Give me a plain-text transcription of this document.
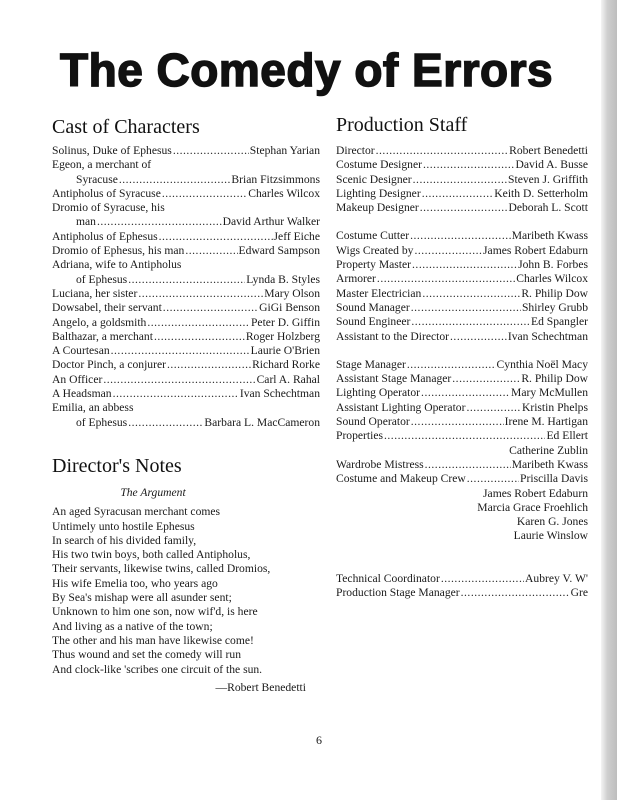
The Comedy of Errors
Cast of Characters
Solinus, Duke of Ephesus . . .	Stephan Yarian
Egeon, a merchant of
Syracuse . . .	Brian Fitzsimmons
Antipholus of Syracuse . . .	Charles Wilcox
Dromio of Syracuse, his
man . . .	David Arthur Walker
Antipholus of Ephesus . . .	Jeff Eiche
Dromio of Ephesus, his man . . .	Edward Sampson
Adriana, wife to Antipholus
of Ephesus . . .	Lynda B. Styles
Luciana, her sister . . .	Mary Olson
Dowsabel, their servant . . .	GiGi Benson
Angelo, a goldsmith . . .	Peter D. Giffin
Balthazar, a merchant . . .	Roger Holzberg
A Courtesan . . .	Laurie O'Brien
Doctor Pinch, a conjurer . . .	Richard Rorke
An Officer . . .	Carl A. Rahal
A Headsman . . .	Ivan Schechtman
Emilia, an abbess
of Ephesus . . .	Barbara L. MacCameron
Director's Notes
The Argument
An aged Syracusan merchant comes
Untimely unto hostile Ephesus
In search of his divided family,
His two twin boys, both called Antipholus,
Their servants, likewise twins, called Dromios,
His wife Emelia too, who years ago
By Sea's mishap were all asunder sent;
Unknown to him one son, now wif'd, is here
And living as a native of the town;
The other and his man have likewise come!
Thus wound and set the comedy will run
And clock-like 'scribes one circuit of the sun.
—Robert Benedetti
Production Staff
Director . . .	Robert Benedetti
Costume Designer . . .	David A. Busse
Scenic Designer . . .	Steven J. Griffith
Lighting Designer . . .	Keith D. Setterholm
Makeup Designer . . .	Deborah L. Scott
Costume Cutter . . .	Maribeth Kwass
Wigs Created by . . .	James Robert Edaburn
Property Master . . .	John B. Forbes
Armorer . . .	Charles Wilcox
Master Electrician . . .	R. Philip Dow
Sound Manager . . .	Shirley Grubb
Sound Engineer . . .	Ed Spangler
Assistant to the Director . . .	Ivan Schechtman
Stage Manager . . .	Cynthia Noël Macy
Assistant Stage Manager . . .	R. Philip Dow
Lighting Operator . . .	Mary McMullen
Assistant Lighting Operator . . .	Kristin Phelps
Sound Operator . . .	Irene M. Hartigan
Properties . . .	Ed Ellert
Catherine Zublin
Wardrobe Mistress . . .	Maribeth Kwass
Costume and Makeup Crew . . .	Priscilla Davis
James Robert Edaburn
Marcia Grace Froehlich
Karen G. Jones
Laurie Winslow
Technical Coordinator . . .	Aubrey V. W'
Production Stage Manager . . .	Gre
6
